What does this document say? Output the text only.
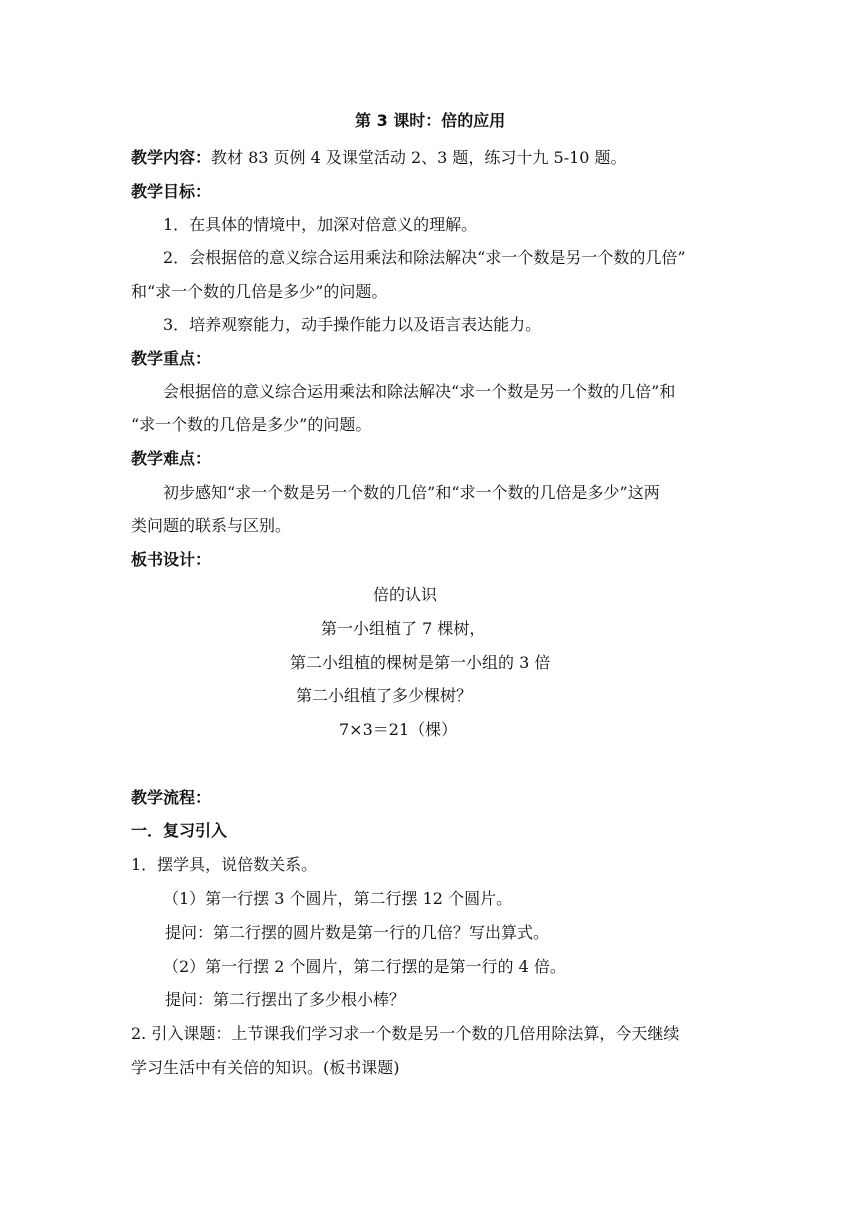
第 3 课时：倍的应用
教学内容：教材 83 页例 4 及课堂活动 2、3 题，练习十九 5-10 题。
教学目标：
1．在具体的情境中，加深对倍意义的理解。
2．会根据倍的意义综合运用乘法和除法解决“求一个数是另一个数的几倍”
和“求一个数的几倍是多少”的问题。
3．培养观察能力，动手操作能力以及语言表达能力。
教学重点：
会根据倍的意义综合运用乘法和除法解决“求一个数是另一个数的几倍”和
“求一个数的几倍是多少”的问题。
教学难点：
初步感知“求一个数是另一个数的几倍”和“求一个数的几倍是多少”这两
类问题的联系与区别。
板书设计：
倍的认识
第一小组植了 7 棵树，
第二小组植的棵树是第一小组的 3 倍
第二小组植了多少棵树？
7×3＝21（棵）
教学流程：
一．复习引入
1．摆学具，说倍数关系。
（1）第一行摆 3 个圆片，第二行摆 12 个圆片。
提问：第二行摆的圆片数是第一行的几倍？写出算式。
（2）第一行摆 2 个圆片，第二行摆的是第一行的 4 倍。
提问：第二行摆出了多少根小棒？
2. 引入课题：上节课我们学习求一个数是另一个数的几倍用除法算，今天继续
学习生活中有关倍的知识。(板书课题)
